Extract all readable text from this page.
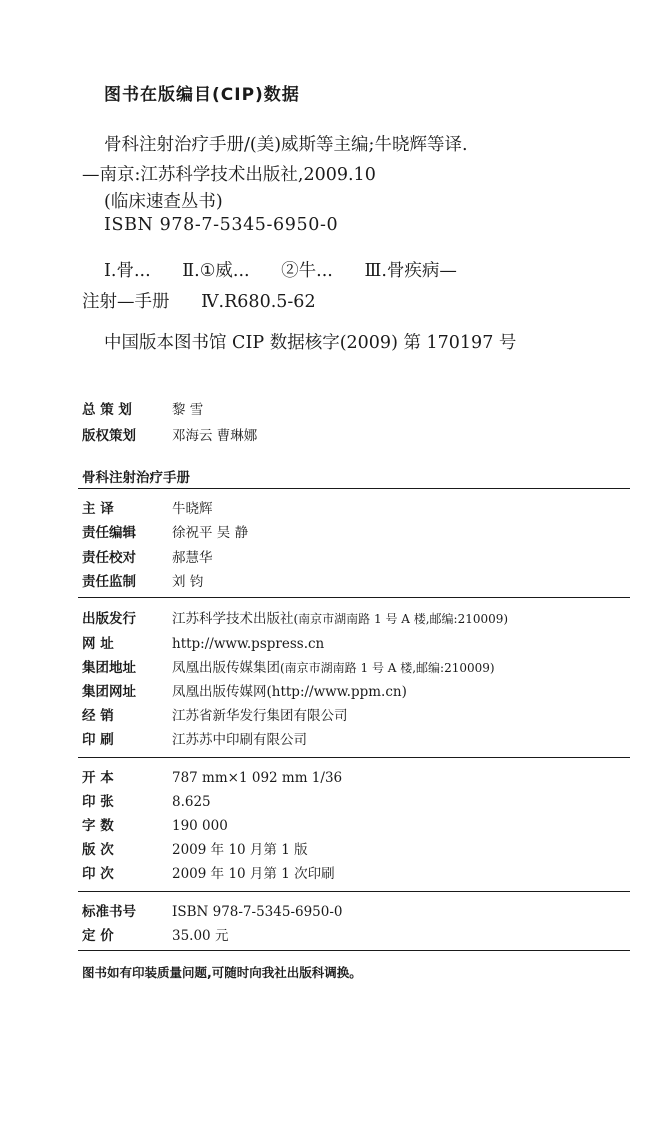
图书在版编目(CIP)数据
骨科注射治疗手册/(美)威斯等主编;牛晓辉等译.
—南京:江苏科学技术出版社,2009.10
(临床速查丛书)
ISBN 978-7-5345-6950-0
Ⅰ.骨... Ⅱ.①威... ②牛... Ⅲ.骨疾病—
注射—手册 Ⅳ.R680.5-62
中国版本图书馆 CIP 数据核字(2009) 第 170197 号
总 策 划	黎 雪
版权策划	邓海云 曹琳娜
骨科注射治疗手册
主 译	牛晓辉
责任编辑	徐祝平 吴 静
责任校对	郝慧华
责任监制	刘 钧
出版发行	江苏科学技术出版社(南京市湖南路 1 号 A 楼,邮编:210009)
网 址	http://www.pspress.cn
集团地址	凤凰出版传媒集团(南京市湖南路 1 号 A 楼,邮编:210009)
集团网址	凤凰出版传媒网(http://www.ppm.cn)
经 销	江苏省新华发行集团有限公司
印 刷	江苏苏中印刷有限公司
开 本	787 mm×1 092 mm 1/36
印 张	8.625
字 数	190 000
版 次	2009 年 10 月第 1 版
印 次	2009 年 10 月第 1 次印刷
标准书号	ISBN 978-7-5345-6950-0
定 价	35.00 元
图书如有印装质量问题,可随时向我社出版科调换。
